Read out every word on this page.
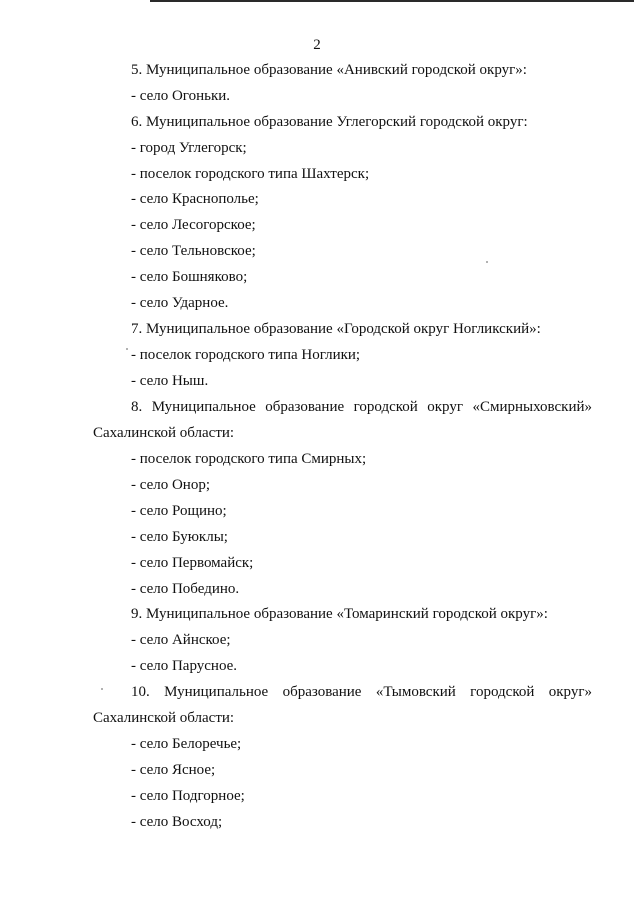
2
5. Муниципальное образование «Анивский городской округ»:
- село Огоньки.
6. Муниципальное образование Углегорский городской округ:
- город Углегорск;
- поселок городского типа Шахтерск;
- село Краснополье;
- село Лесогорское;
- село Тельновское;
- село Бошняково;
- село Ударное.
7. Муниципальное образование «Городской округ Ногликский»:
- поселок городского типа Ноглики;
- село Ныш.
8. Муниципальное образование городской округ «Смирныховский»
Сахалинской области:
- поселок городского типа Смирных;
- село Онор;
- село Рощино;
- село Буюклы;
- село Первомайск;
- село Победино.
9. Муниципальное образование «Томаринский городской округ»:
- село Айнское;
- село Парусное.
10. Муниципальное образование «Тымовский городской округ»
Сахалинской области:
- село Белоречье;
- село Ясное;
- село Подгорное;
- село Восход;
